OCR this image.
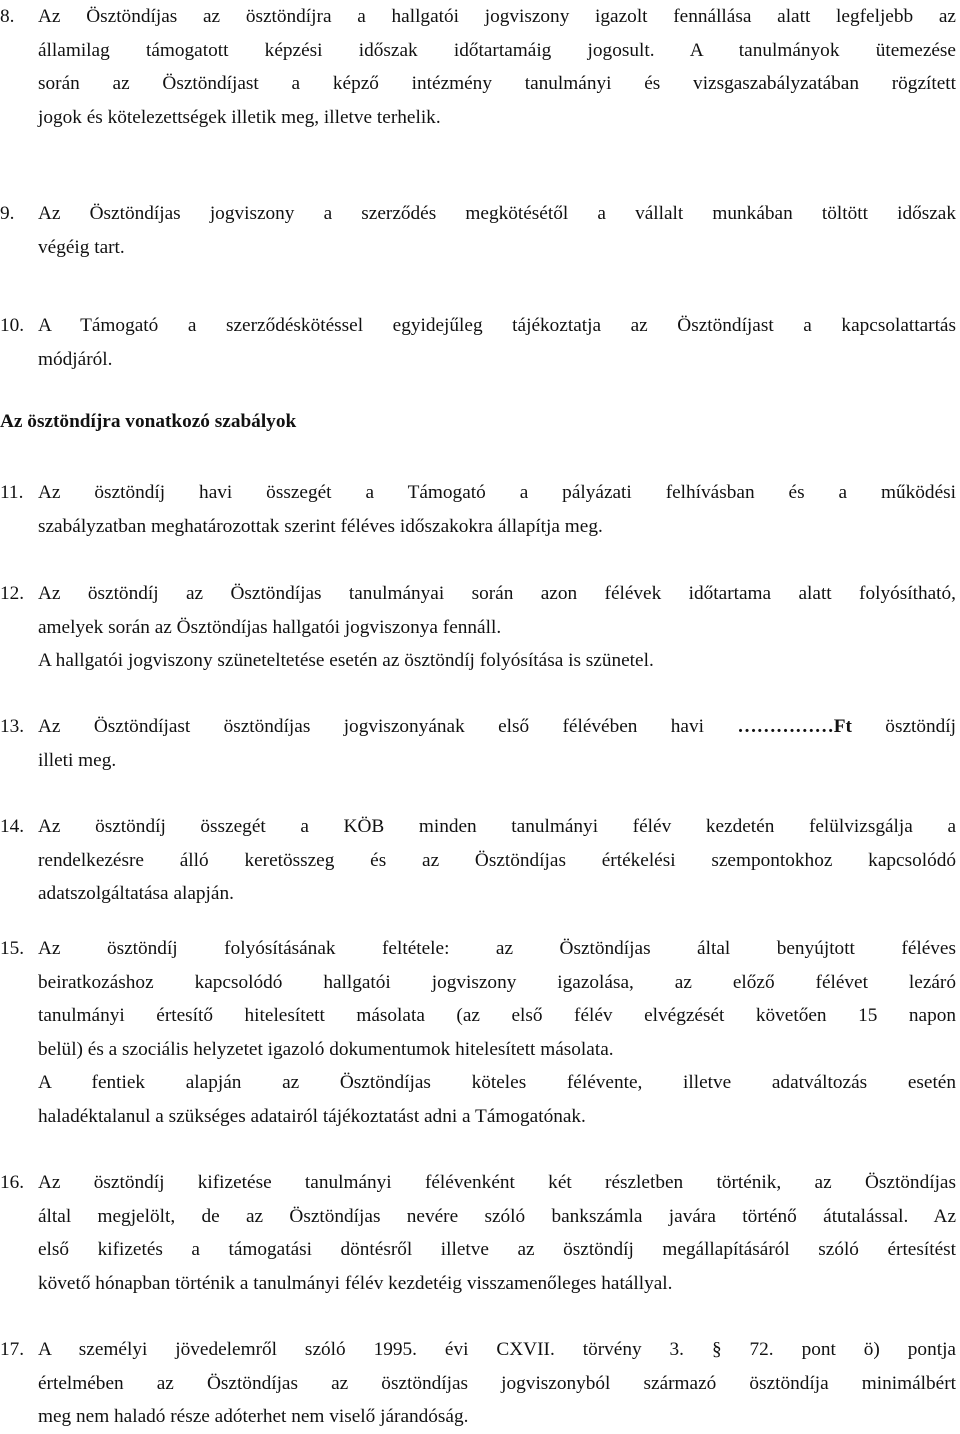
8.	Az Ösztöndíjas az ösztöndíjra a hallgatói jogviszony igazolt fennállása alatt legfeljebb az
államilag támogatott képzési időszak időtartamáig jogosult. A tanulmányok ütemezése
során az Ösztöndíjast a képző intézmény tanulmányi és vizsgaszabályzatában rögzített
jogok és kötelezettségek illetik meg, illetve terhelik.
9.	Az Ösztöndíjas jogviszony a szerződés megkötésétől a vállalt munkában töltött időszak
végéig tart.
10. A Támogató a szerződéskötéssel egyidejűleg tájékoztatja az Ösztöndíjast a kapcsolattartás
módjáról.
Az ösztöndíjra vonatkozó szabályok
11. Az ösztöndíj havi összegét a Támogató a pályázati felhívásban és a működési
szabályzatban meghatározottak szerint féléves időszakokra állapítja meg.
12. Az ösztöndíj az Ösztöndíjas tanulmányai során azon félévek időtartama alatt folyósítható,
amelyek során az Ösztöndíjas hallgatói jogviszonya fennáll.
A hallgatói jogviszony szüneteltetése esetén az ösztöndíj folyósítása is szünetel.
13. Az Ösztöndíjast ösztöndíjas jogviszonyának első félévében havi ……………Ft ösztöndíj
illeti meg.
14. Az ösztöndíj összegét a KÖB minden tanulmányi félév kezdetén felülvizsgálja a
rendelkezésre álló keretösszeg és az Ösztöndíjas értékelési szempontokhoz kapcsolódó
adatszolgáltatása alapján.
15. Az ösztöndíj folyósításának feltétele: az Ösztöndíjas által benyújtott féléves
beiratkozáshoz kapcsolódó hallgatói jogviszony igazolása, az előző félévet lezáró
tanulmányi értesítő hitelesített másolata (az első félév elvégzését követően 15 napon
belül) és a szociális helyzetet igazoló dokumentumok hitelesített másolata.
A fentiek alapján az Ösztöndíjas köteles félévente, illetve adatváltozás esetén
haladéktalanul a szükséges adatairól tájékoztatást adni a Támogatónak.
16. Az ösztöndíj kifizetése tanulmányi félévenként két részletben történik, az Ösztöndíjas
által megjelölt, de az Ösztöndíjas nevére szóló bankszámla javára történő átutalással. Az
első kifizetés a támogatási döntésről illetve az ösztöndíj megállapításáról szóló értesítést
követő hónapban történik a tanulmányi félév kezdetéig visszamenőleges hatállyal.
17. A személyi jövedelemről szóló 1995. évi CXVII. törvény 3. § 72. pont ö) pontja
értelmében az Ösztöndíjas az ösztöndíjas jogviszonyból származó ösztöndíja minimálbért
meg nem haladó része adóterhet nem viselő járandóság.
